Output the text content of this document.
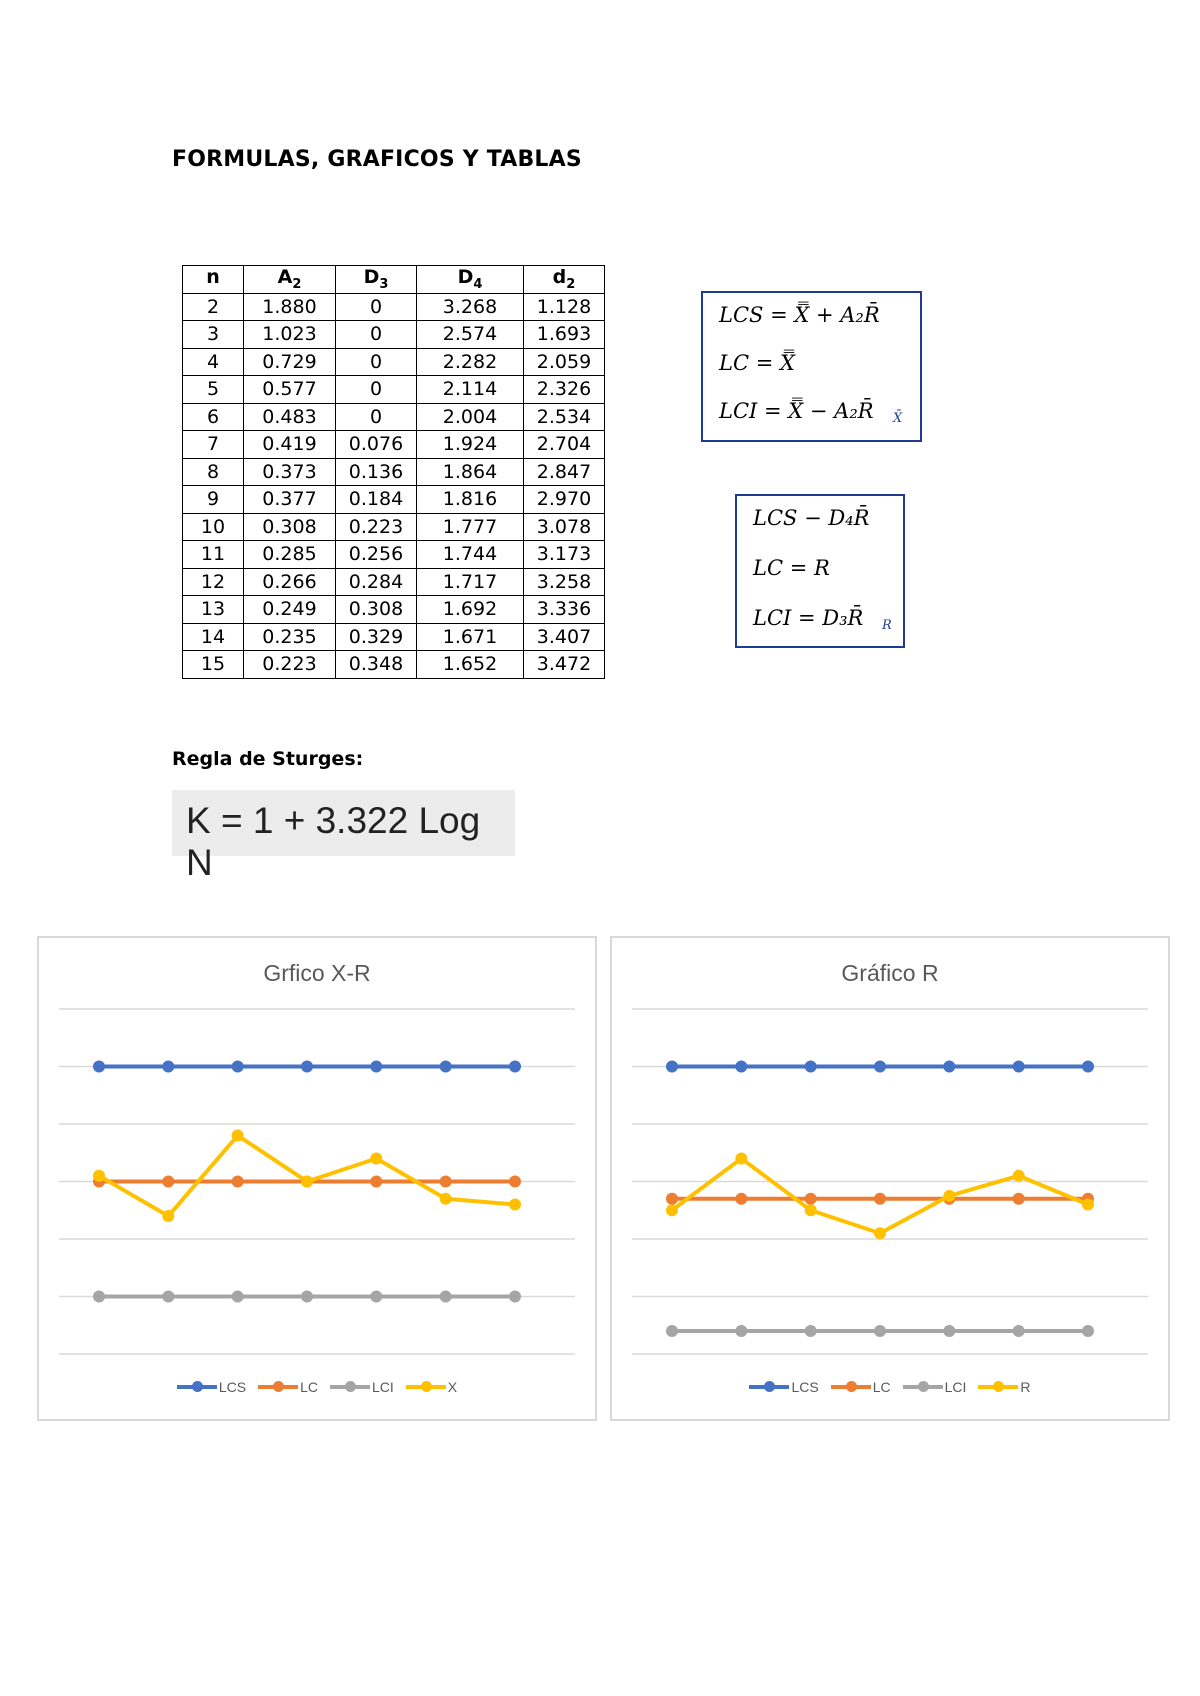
FORMULAS, GRAFICOS Y TABLAS
n	$A_2$	$D_3$	$D_4$	$d_2$
2	1.880	0	3.268	1.128
3	1.023	0	2.574	1.693
4	0.729	0	2.282	2.059
5	0.577	0	2.114	2.326
6	0.483	0	2.004	2.534
7	0.419	0.076	1.924	2.704
8	0.373	0.136	1.864	2.847
9	0.377	0.184	1.816	2.970
10	0.308	0.223	1.777	3.078
11	0.285	0.256	1.744	3.173
12	0.266	0.284	1.717	3.258
13	0.249	0.308	1.692	3.336
14	0.235	0.329	1.671	3.407
15	0.223	0.348	1.652	3.472
LCS = X̿ + A₂R̄
LC = X̿
LCI = X̿ − A₂R̄ X̄
LCS − D₄R̄
LC = R
LCI = D₃R̄ R
Regla de Sturges:
K = 1 + 3.322 Log N
Grfico X-R
LCS	LC	LCI	X
Gráfico R
LCS	LC	LCI	R
